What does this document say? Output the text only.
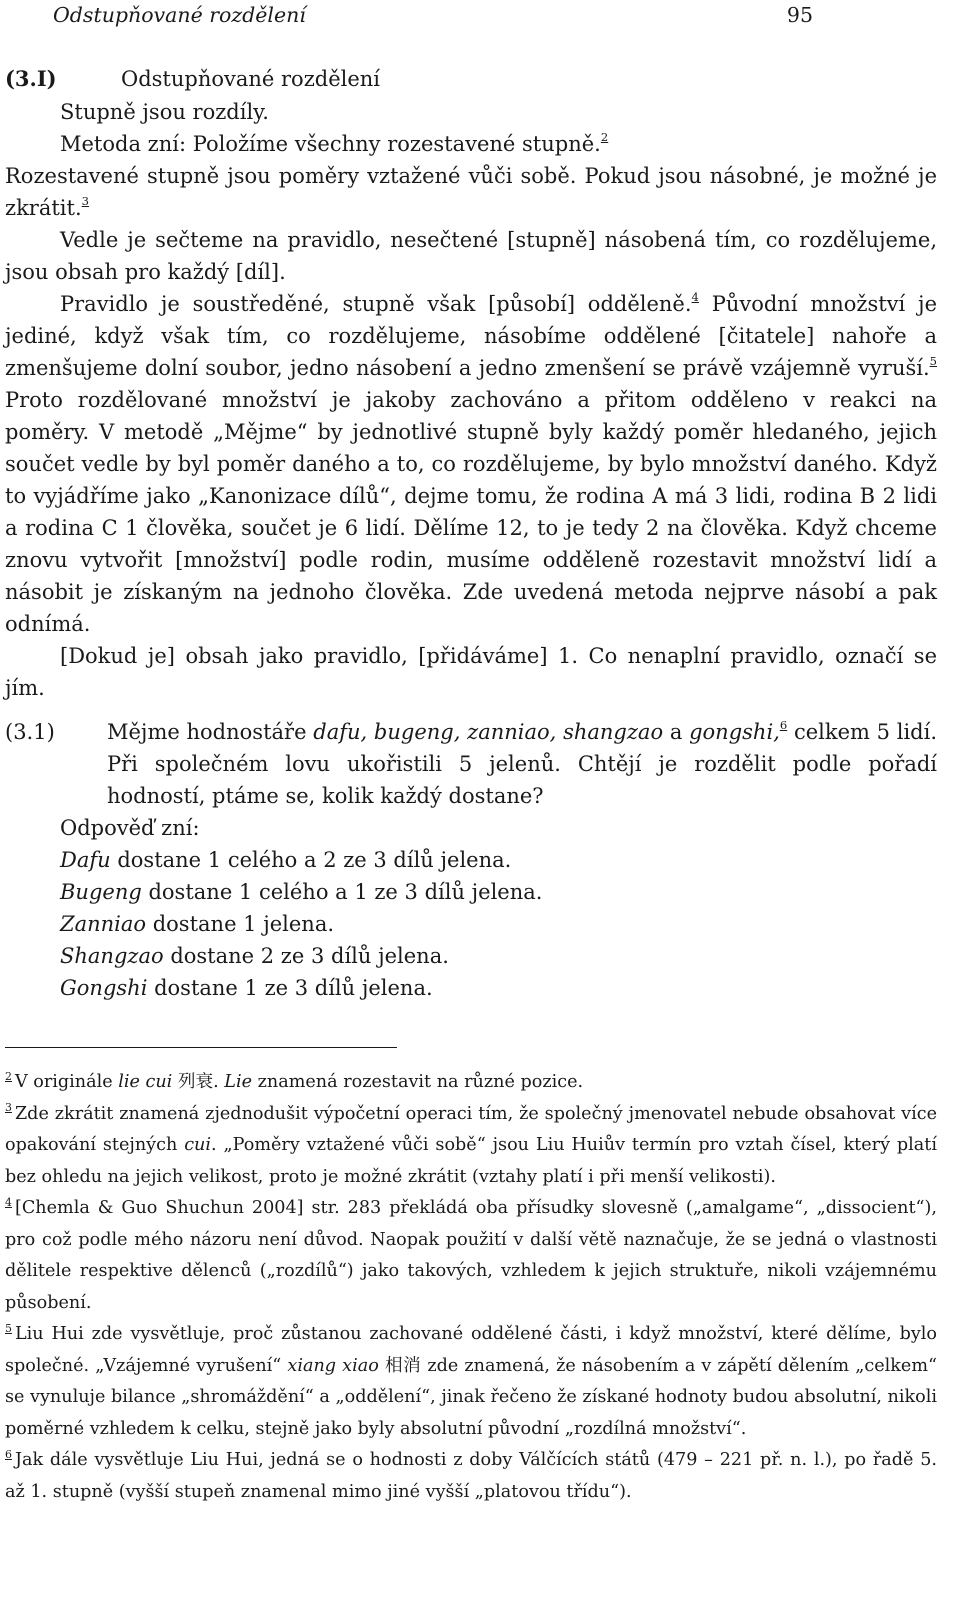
Odstupňované rozdělení	95
(3.I)	Odstupňované rozdělení

Stupně jsou rozdíly.

Metoda zní: Položíme všechny rozestavené stupně.$^2$

Rozestavené stupně jsou poměry vztažené vůči sobě. Pokud jsou násobné, je možné je zkrátit.$^3$

Vedle je sečteme na pravidlo, nesečtené [stupně] násobená tím, co rozdělujeme, jsou obsah pro každý [díl].

Pravidlo je soustředěné, stupně však [působí] odděleně.$^4$ Původní množství je jediné, když však tím, co rozdělujeme, násobíme oddělené [čitatele] nahoře a zmenšujeme dolní soubor, jedno násobení a jedno zmenšení se právě vzájemně vyruší.$^5$ Proto rozdělované množství je jakoby zachováno a přitom odděleno v reakci na poměry. V metodě „Mějme“ by jednotlivé stupně byly každý poměr hledaného, jejich součet vedle by byl poměr daného a to, co rozdělujeme, by bylo množství daného. Když to vyjádříme jako „Kanonizace dílů“, dejme tomu, že rodina A má 3 lidi, rodina B 2 lidi a rodina C 1 člověka, součet je 6 lidí. Dělíme 12, to je tedy 2 na člověka. Když chceme znovu vytvořit [množství] podle rodin, musíme odděleně rozestavit množství lidí a násobit je získaným na jednoho člověka. Zde uvedená metoda nejprve násobí a pak odnímá.

[Dokud je] obsah jako pravidlo, [přidáváme] 1. Co nenaplní pravidlo, označí se jím.

(3.1) Mějme hodnostáře dafu, bugeng, zanniao, shangzao a gongshi,$^6$ celkem 5 lidí. Při společném lovu ukořistili 5 jelenů. Chtějí je rozdělit podle pořadí hodností, ptáme se, kolik každý dostane?
Odpověď zní:
Dafu dostane 1 celého a 2 ze 3 dílů jelena.
Bugeng dostane 1 celého a 1 ze 3 dílů jelena.
Zanniao dostane 1 jelena.
Shangzao dostane 2 ze 3 dílů jelena.
Gongshi dostane 1 ze 3 dílů jelena.

$^2$ V originále lie cui 列衰. Lie znamená rozestavit na různé pozice.

$^3$ Zde zkrátit znamená zjednodušit výpočetní operaci tím, že společný jmenovatel nebude obsahovat více opakování stejných cui. „Poměry vztažené vůči sobě“ jsou Liu Huiův termín pro vztah čísel, který platí bez ohledu na jejich velikost, proto je možné zkrátit (vztahy platí i při menší velikosti).

$^4$ [Chemla & Guo Shuchun 2004] str. 283 překládá oba přísudky slovesně („amalgame“, „dissocient“), pro což podle mého názoru není důvod. Naopak použití v další větě naznačuje, že se jedná o vlastnosti dělitele respektive dělenců („rozdílů“) jako takových, vzhledem k jejich struktuře, nikoli vzájemnému působení.

$^5$ Liu Hui zde vysvětluje, proč zůstanou zachované oddělené části, i když množství, které dělíme, bylo společné. „Vzájemné vyrušení“ xiang xiao 相消 zde znamená, že násobením a v zápětí dělením „celkem“ se vynuluje bilance „shromáždění“ a „oddělení“, jinak řečeno že získané hodnoty budou absolutní, nikoli poměrné vzhledem k celku, stejně jako byly absolutní původní „rozdílná množství“.

$^6$ Jak dále vysvětluje Liu Hui, jedná se o hodnosti z doby Válčících států (479 – 221 př. n. l.), po řadě 5. až 1. stupně (vyšší stupeň znamenal mimo jiné vyšší „platovou třídu“).
